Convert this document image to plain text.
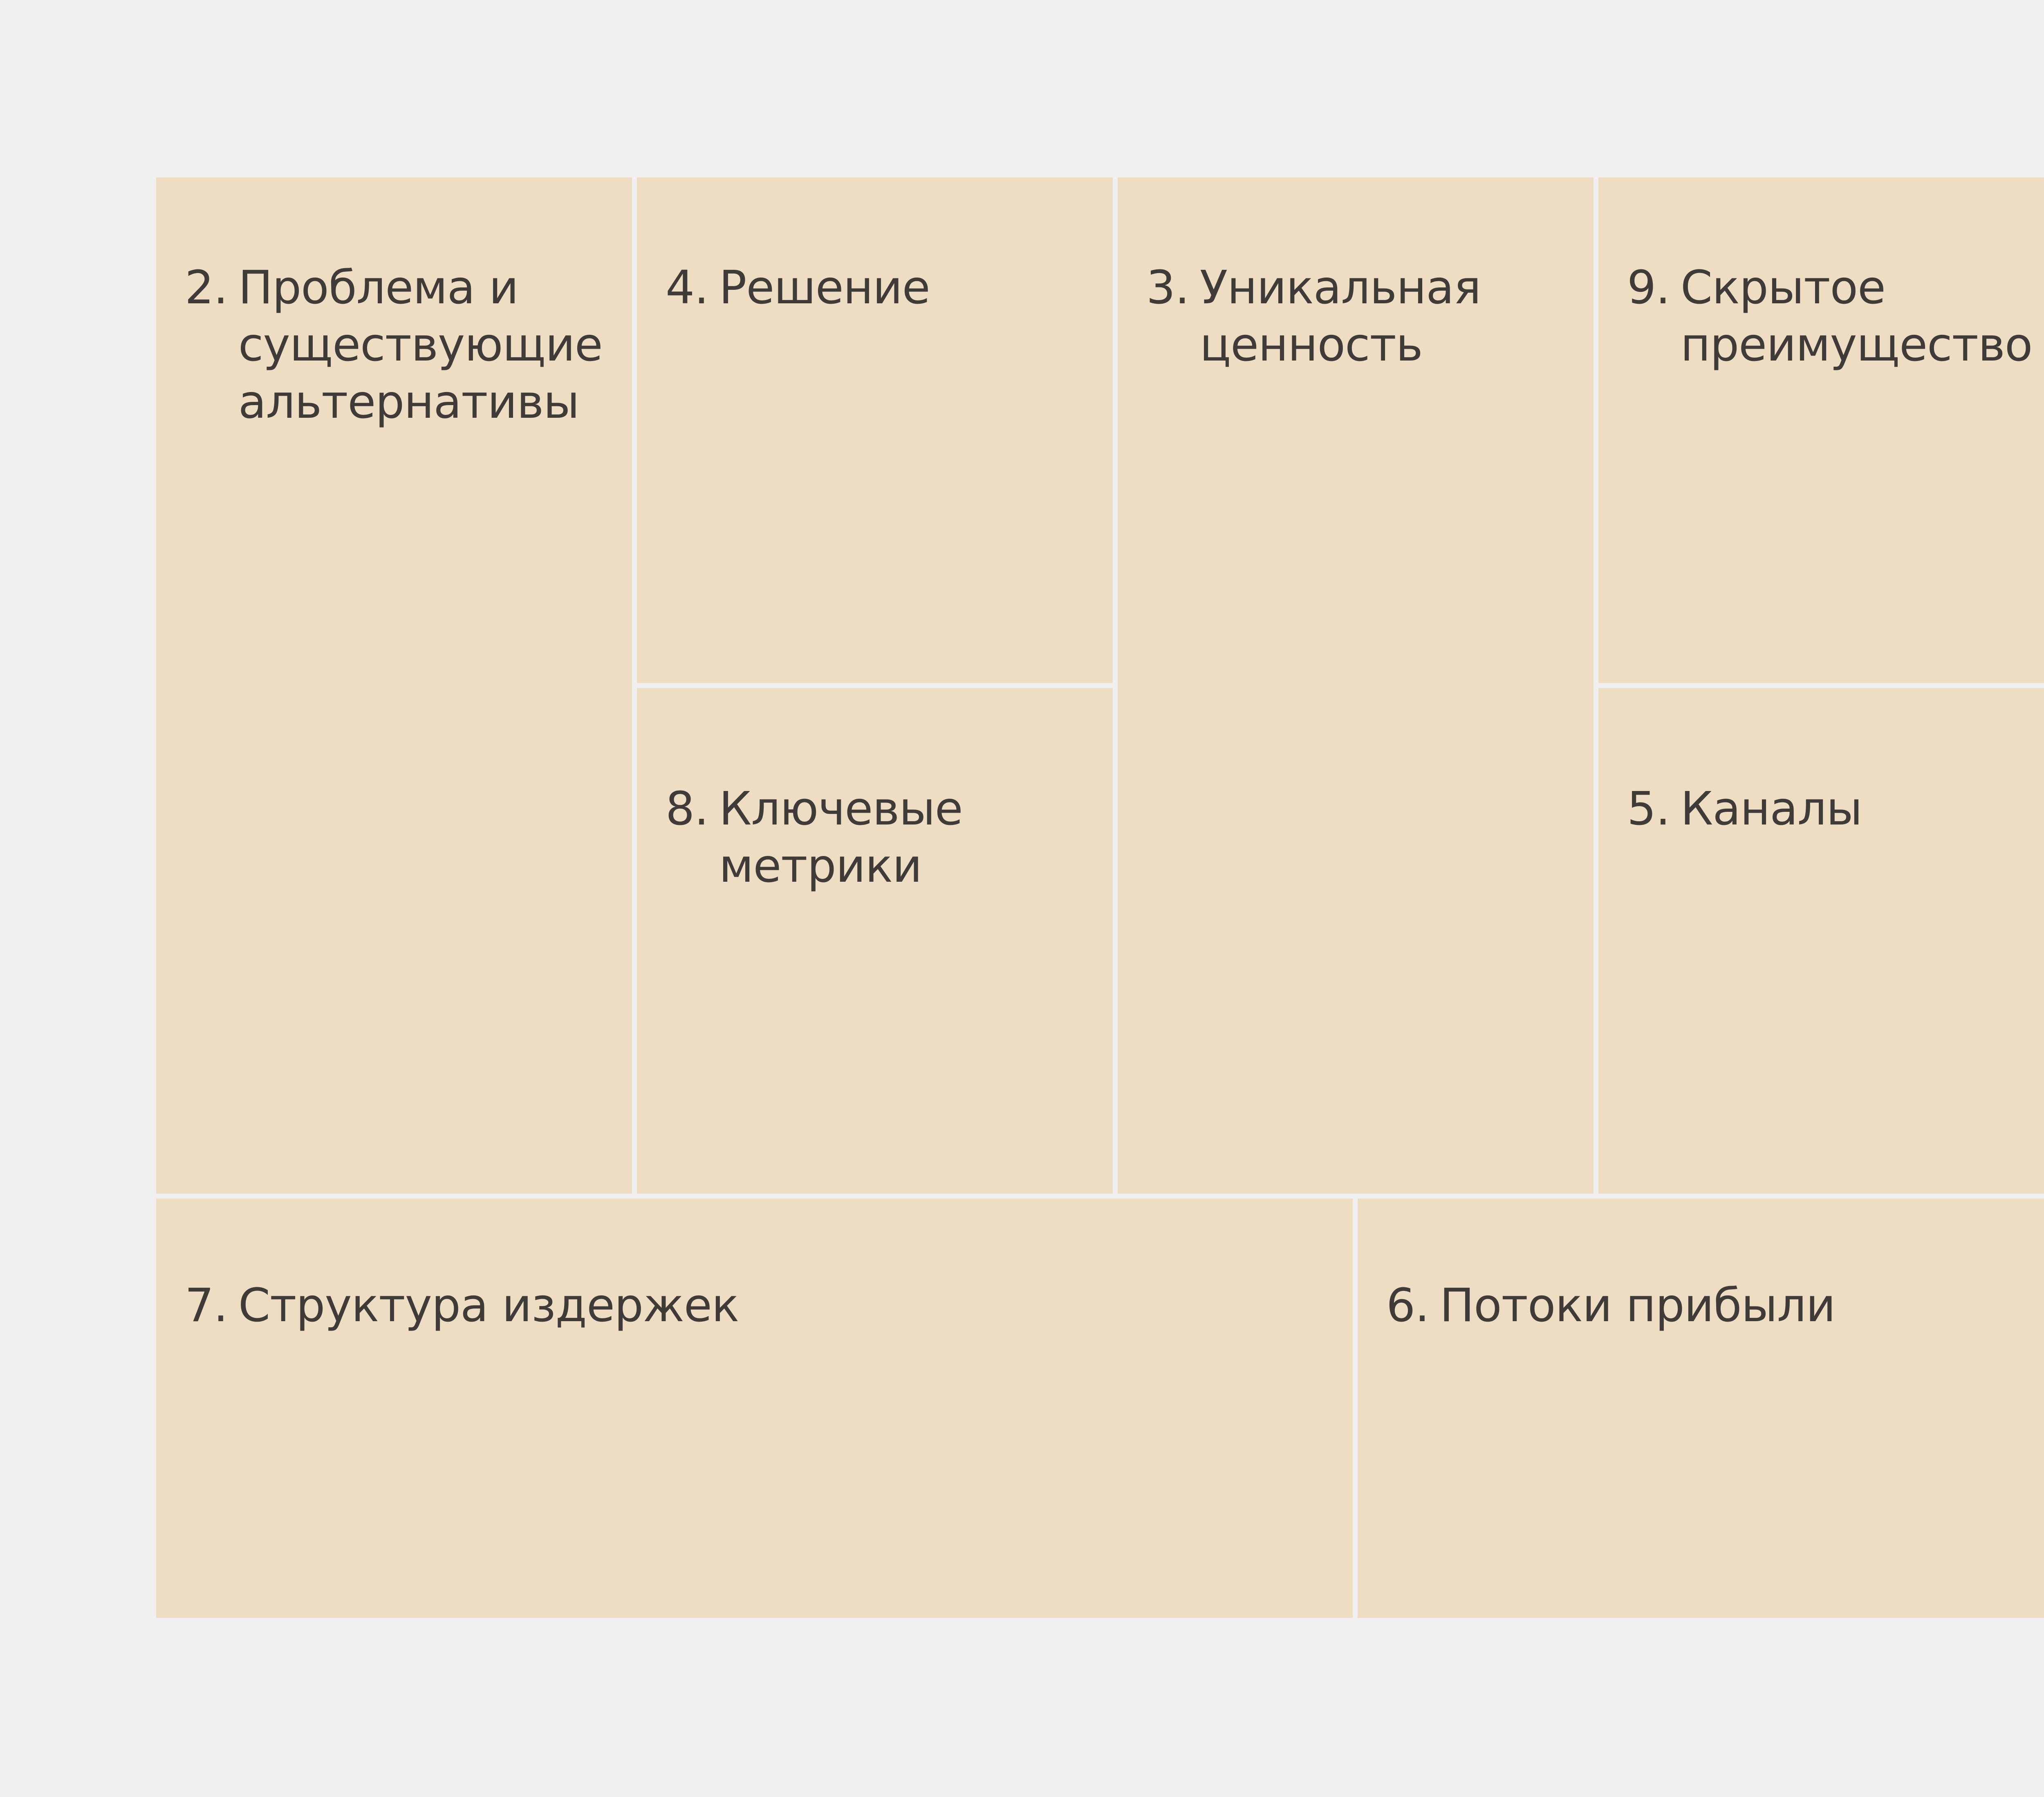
2. Проблема и
существующие
альтернативы
4. Решение
8. Ключевые
метрики
3. Уникальная
ценность
9. Скрытое
преимущество
5. Каналы
7. Структура издержек	6. Потоки прибыли
